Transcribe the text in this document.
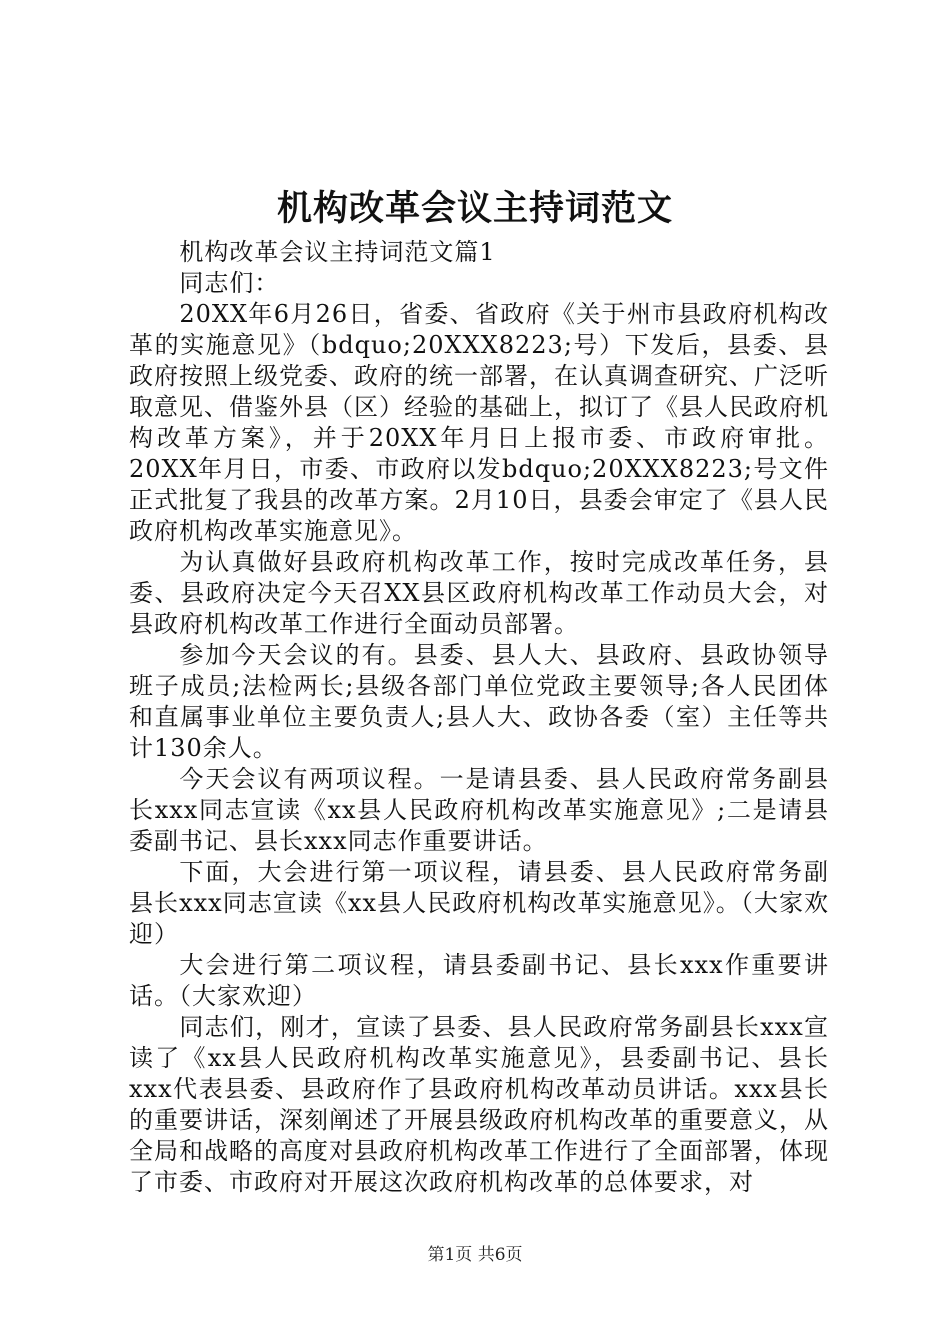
机构改革会议主持词范文

机构改革会议主持词范文篇1

同志们：

20XX年6月26日，省委、省政府《关于州市县政府机构改革的实施意见》（bdquo;20XXX8223;号）下发后，县委、县政府按照上级党委、政府的统一部署，在认真调查研究、广泛听取意见、借鉴外县（区）经验的基础上，拟订了《县人民政府机构改革方案》，并于20XX年月日上报市委、市政府审批。20XX年月日，市委、市政府以发bdquo;20XXX8223;号文件正式批复了我县的改革方案。2月10日，县委会审定了《县人民政府机构改革实施意见》。

为认真做好县政府机构改革工作，按时完成改革任务，县委、县政府决定今天召XX县区政府机构改革工作动员大会，对县政府机构改革工作进行全面动员部署。

参加今天会议的有。县委、县人大、县政府、县政协领导班子成员;法检两长;县级各部门单位党政主要领导;各人民团体和直属事业单位主要负责人;县人大、政协各委（室）主任等共计130余人。

今天会议有两项议程。一是请县委、县人民政府常务副县长xxx同志宣读《xx县人民政府机构改革实施意见》;二是请县委副书记、县长xxx同志作重要讲话。

下面，大会进行第一项议程，请县委、县人民政府常务副县长xxx同志宣读《xx县人民政府机构改革实施意见》。（大家欢迎）

大会进行第二项议程，请县委副书记、县长xxx作重要讲话。（大家欢迎）

同志们，刚才，宣读了县委、县人民政府常务副县长xxx宣读了《xx县人民政府机构改革实施意见》，县委副书记、县长xxx代表县委、县政府作了县政府机构改革动员讲话。xxx县长的重要讲话，深刻阐述了开展县级政府机构改革的重要意义，从全局和战略的高度对县政府机构改革工作进行了全面部署，体现了市委、市政府对开展这次政府机构改革的总体要求，对

第1页 共6页
